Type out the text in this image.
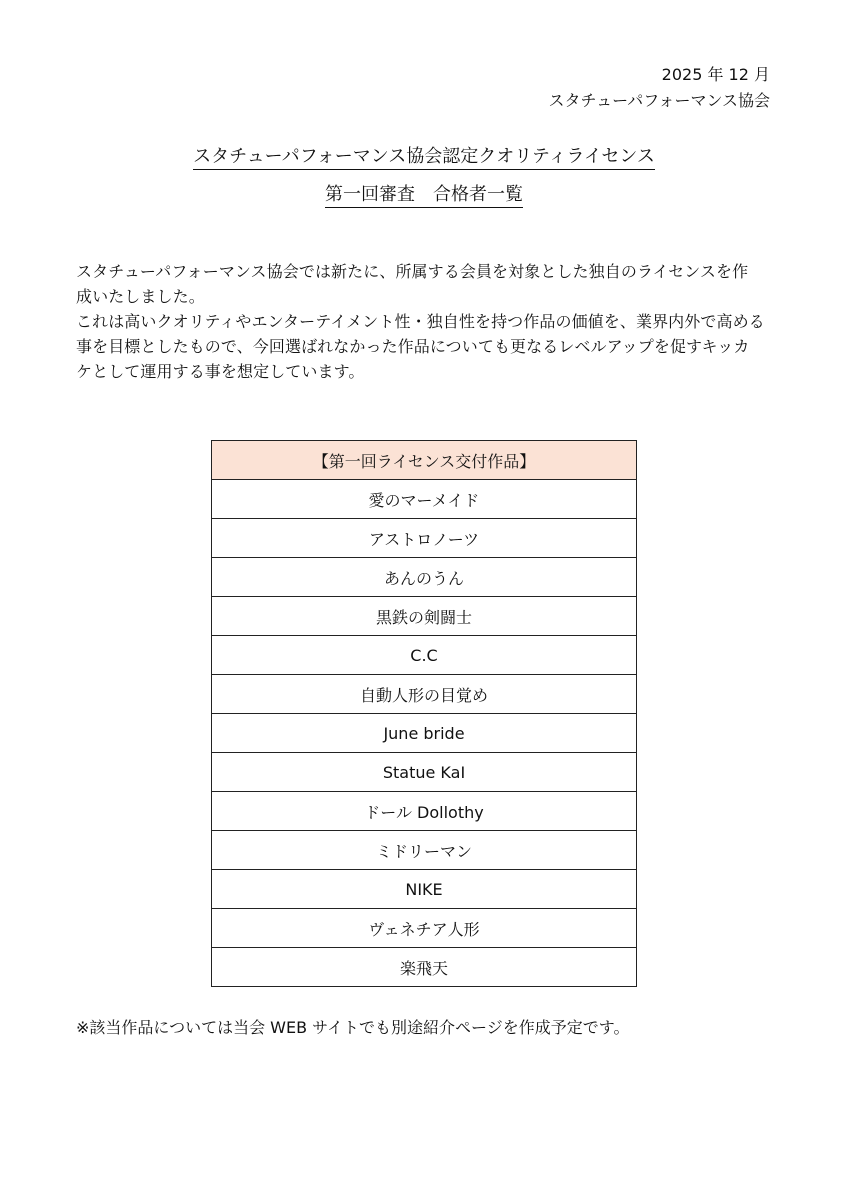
2025 年 12 月
スタチューパフォーマンス協会
スタチューパフォーマンス協会認定クオリティライセンス
第一回審査　合格者一覧

スタチューパフォーマンス協会では新たに、所属する会員を対象とした独自のライセンスを作

成いたしました。

これは高いクオリティやエンターテイメント性・独自性を持つ作品の価値を、業界内外で高める

事を目標としたもので、今回選ばれなかった作品についても更なるレベルアップを促すキッカ

ケとして運用する事を想定しています。

【第一回ライセンス交付作品】
愛のマーメイド
アストロノーツ
あんのうん
黒鉄の剣闘士
C.C
自動人形の目覚め
June bride
Statue KaI
ドール Dollothy
ミドリーマン
NIKE
ヴェネチア人形
楽飛天
※該当作品については当会 WEB サイトでも別途紹介ページを作成予定です。
